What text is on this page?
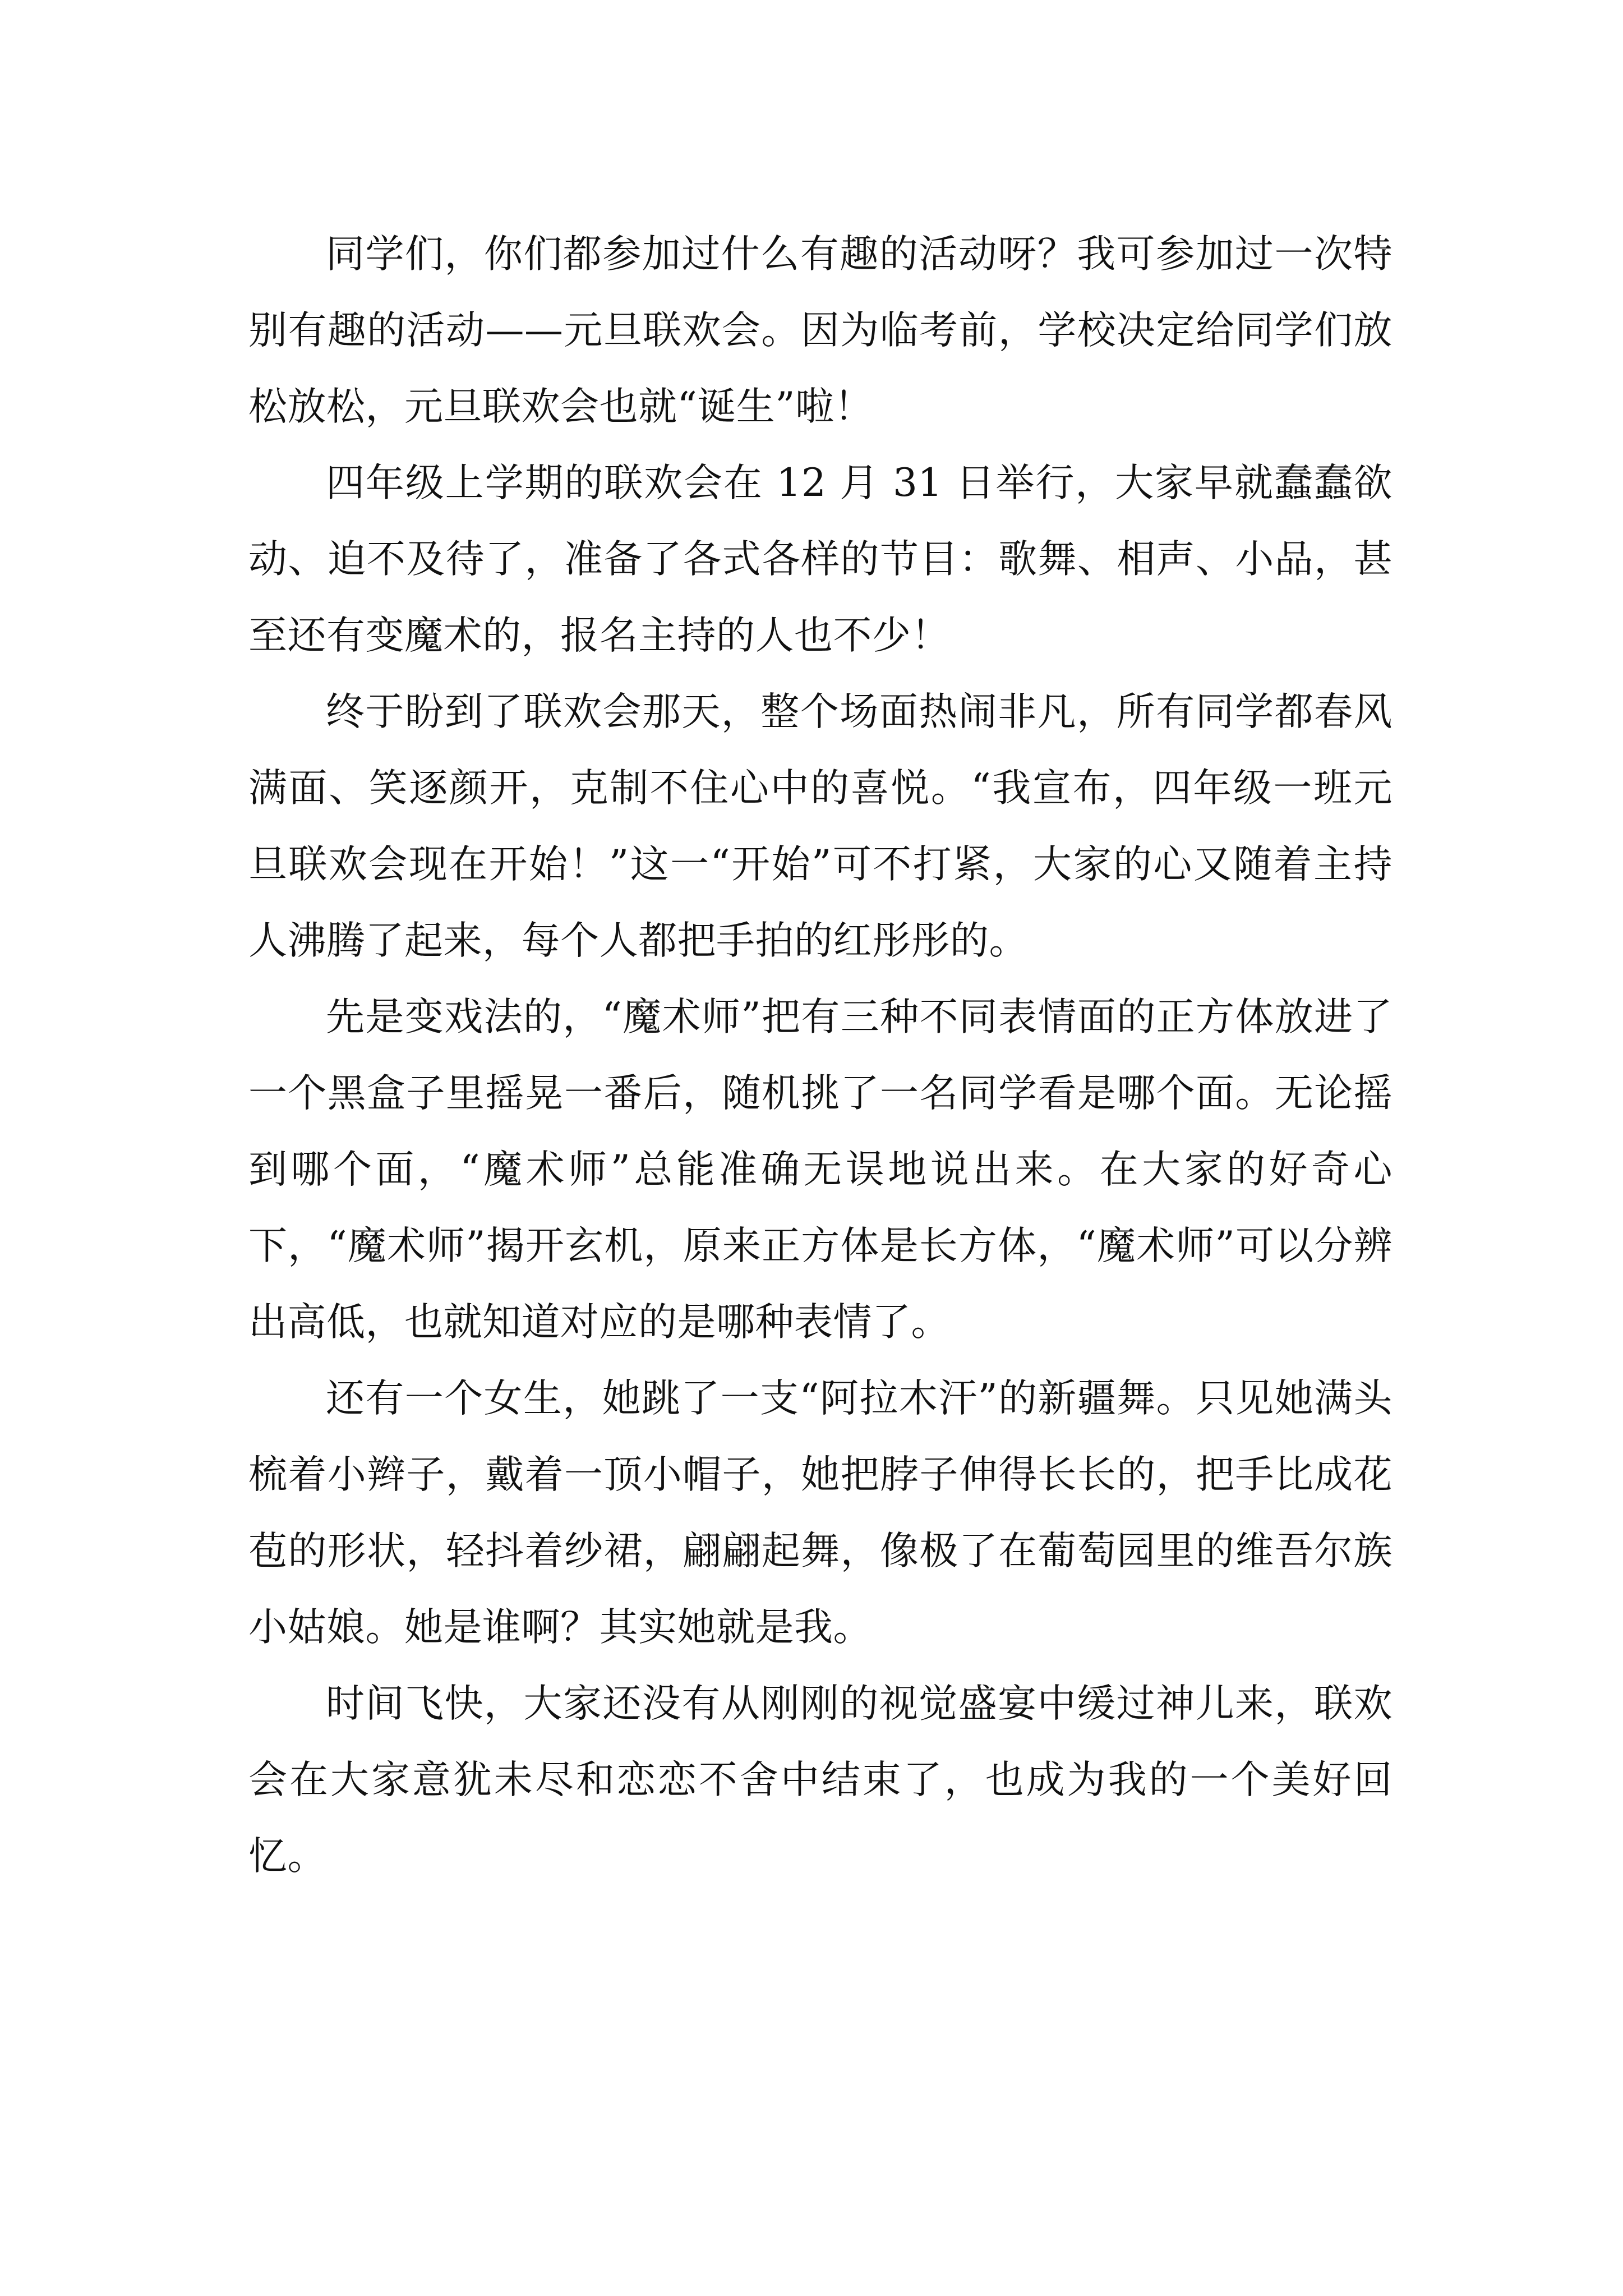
同学们，你们都参加过什么有趣的活动呀？我可参加过一次特别有趣的活动——元旦联欢会。因为临考前，学校决定给同学们放松放松，元旦联欢会也就“诞生”啦！

四年级上学期的联欢会在 12 月 31 日举行，大家早就蠢蠢欲动、迫不及待了，准备了各式各样的节目：歌舞、相声、小品，甚至还有变魔术的，报名主持的人也不少！

终于盼到了联欢会那天，整个场面热闹非凡，所有同学都春风满面、笑逐颜开，克制不住心中的喜悦。“我宣布，四年级一班元旦联欢会现在开始！”这一“开始”可不打紧，大家的心又随着主持人沸腾了起来，每个人都把手拍的红彤彤的。

先是变戏法的，“魔术师”把有三种不同表情面的正方体放进了一个黑盒子里摇晃一番后，随机挑了一名同学看是哪个面。无论摇到哪个面，“魔术师”总能准确无误地说出来。在大家的好奇心下，“魔术师”揭开玄机，原来正方体是长方体，“魔术师”可以分辨出高低，也就知道对应的是哪种表情了。

还有一个女生，她跳了一支“阿拉木汗”的新疆舞。只见她满头梳着小辫子，戴着一顶小帽子，她把脖子伸得长长的，把手比成花苞的形状，轻抖着纱裙，翩翩起舞，像极了在葡萄园里的维吾尔族小姑娘。她是谁啊？其实她就是我。

时间飞快，大家还没有从刚刚的视觉盛宴中缓过神儿来，联欢会在大家意犹未尽和恋恋不舍中结束了，也成为我的一个美好回忆。
